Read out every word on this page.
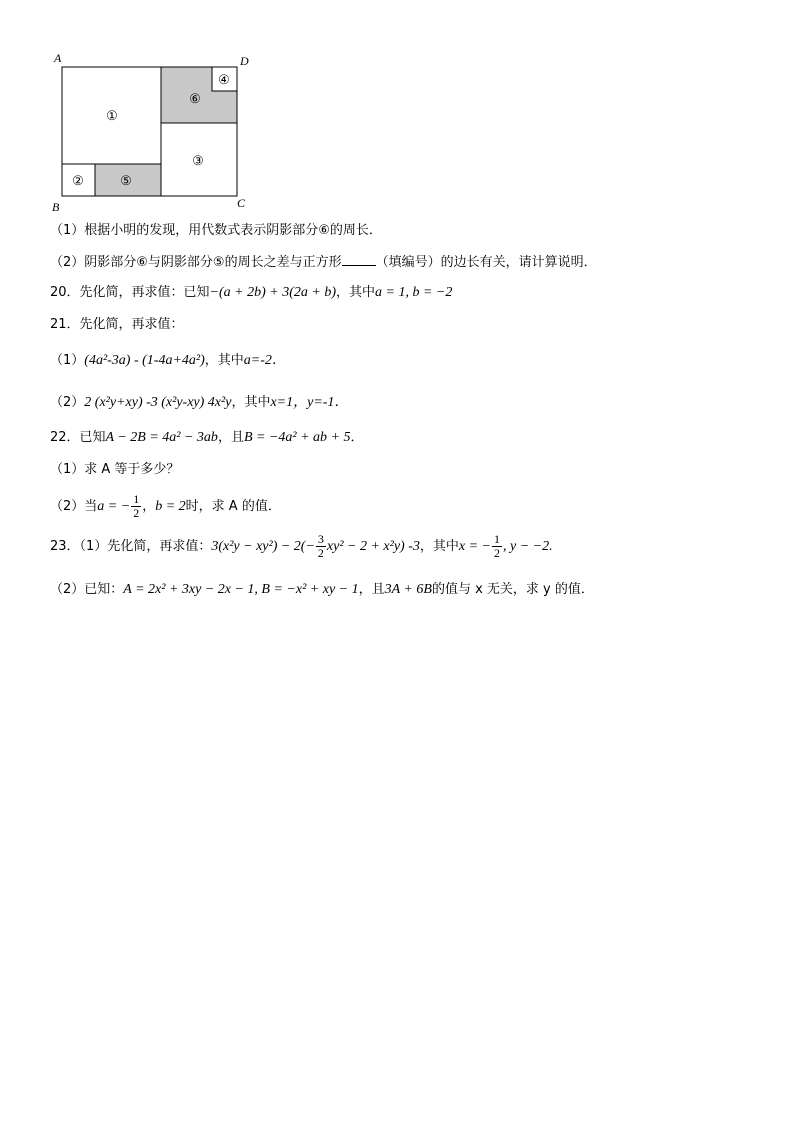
A	D
B	C
①
②
③
④
⑤
⑥
（1）根据小明的发现，用代数式表示阴影部分⑥的周长．
（2）阴影部分⑥与阴影部分⑤的周长之差与正方形	（填编号）的边长有关，请计算说明．
20．先化简，再求值：已知−(a + 2b) + 3(2a + b)，其中a = 1, b = −2
21．先化简，再求值：
（1）(4a²-3a) - (1-4a+4a²)，其中a=-2．
（2）2 (x²y+xy) -3 (x²y-xy) 4x²y，其中x=1，y=-1．
22．已知A − 2B = 4a² − 3ab，且B = −4a² + ab + 5．
（1）求 A 等于多少？
（2）当a = − $\frac{1}{2}$ ，b = 2时，求 A 的值．
23．（1）先化简，再求值：$3(x^2y - xy^2) - 2(- \frac{3}{2} xy^2 - 2 + x^2y)$ -3，其中x = − $\frac{1}{2}$ , y − −2.
（2）已知：A = 2x² + 3xy − 2x − 1, B = −x² + xy − 1，且3A + 6B的值与 x 无关，求 y 的值．
